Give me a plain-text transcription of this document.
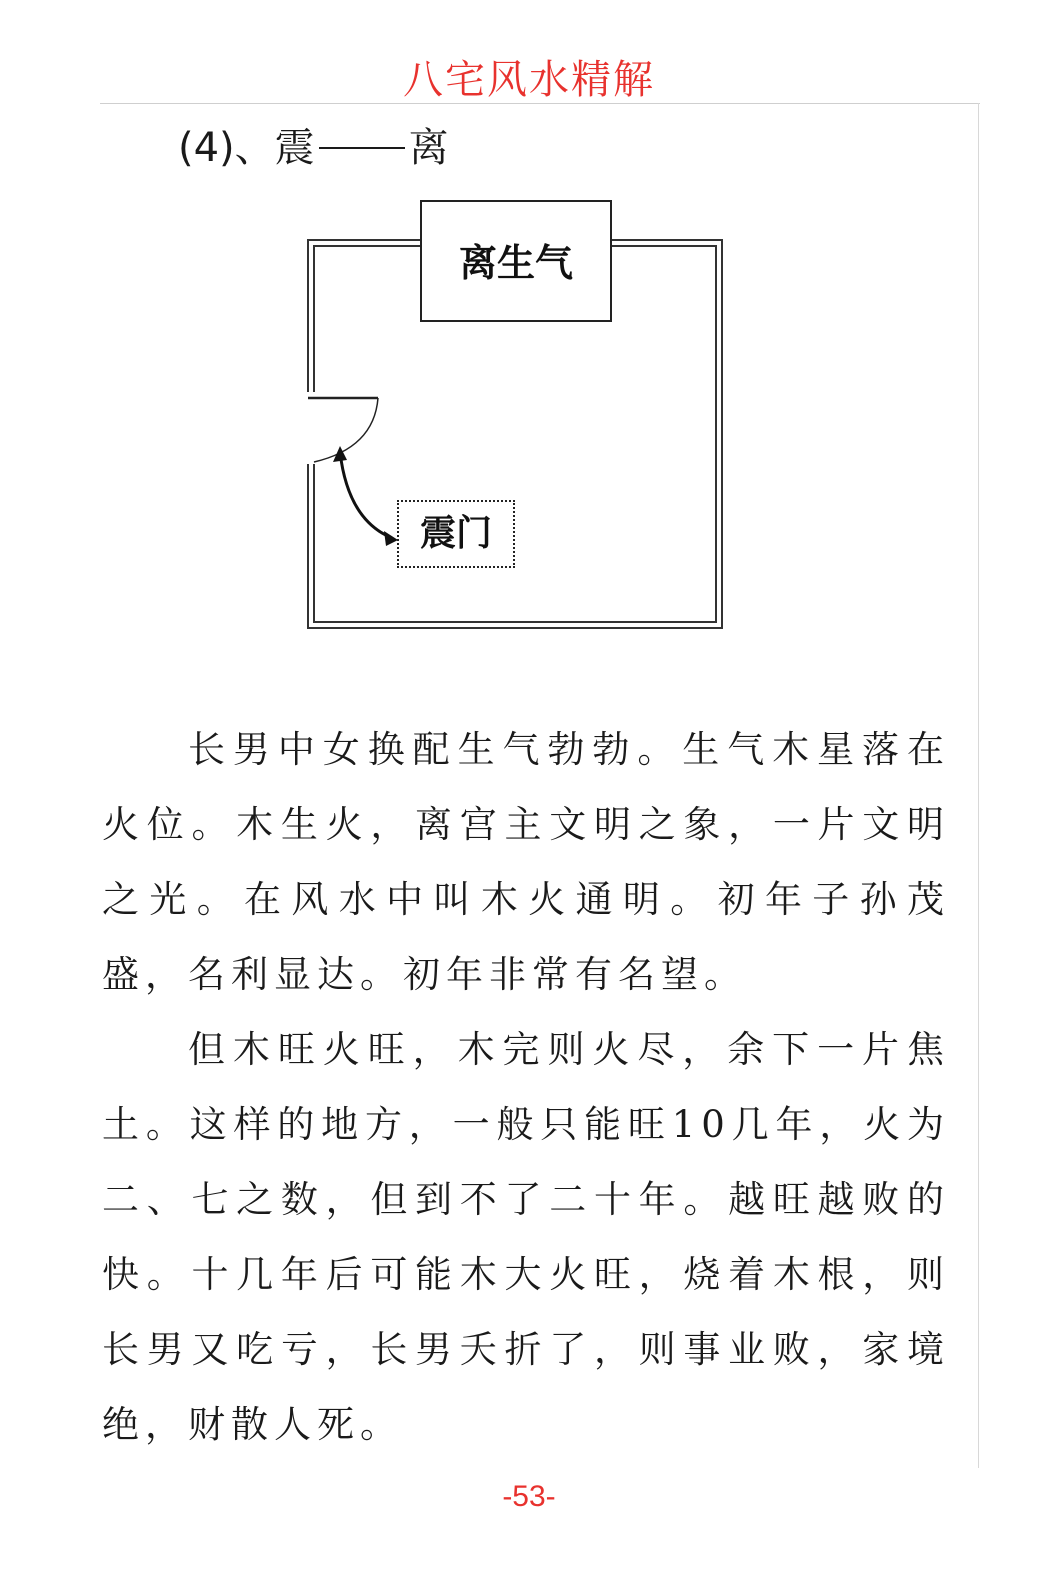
八宅风水精解
(4)、震 离
离生气
震门

长男中女换配生气勃勃。生气木星落在火位。木生火，离宫主文明之象，一片文明之光。在风水中叫木火通明。初年子孙茂盛，名利显达。初年非常有名望。

但木旺火旺，木完则火尽，余下一片焦土。这样的地方，一般只能旺10几年，火为二、七之数，但到不了二十年。越旺越败的快。十几年后可能木大火旺，烧着木根，则长男又吃亏，长男夭折了，则事业败，家境绝，财散人死。

-53-
